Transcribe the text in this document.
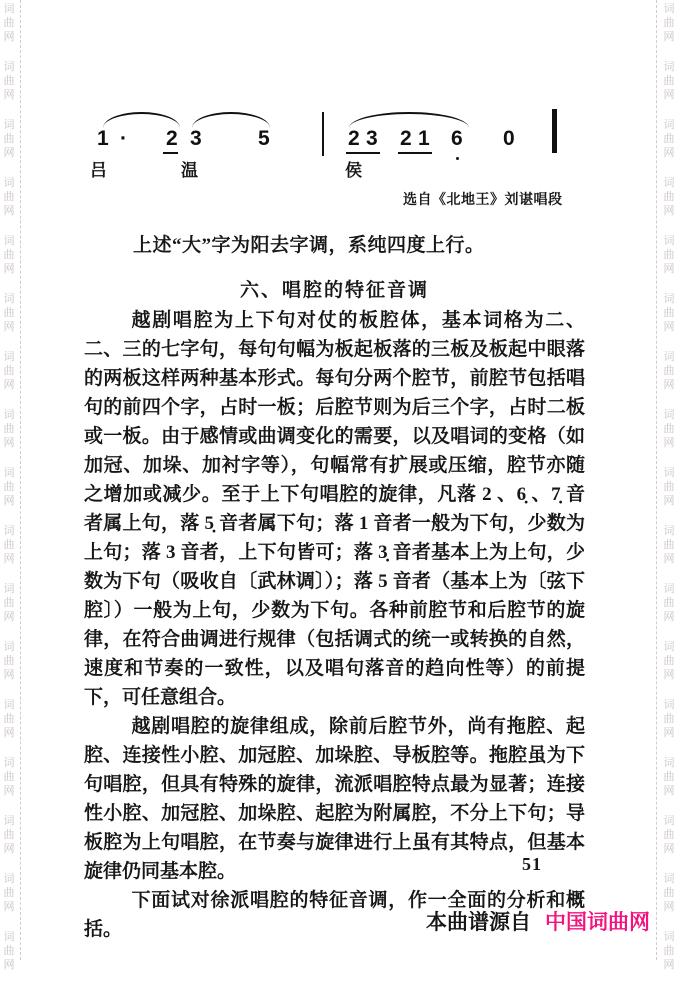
词
曲
网
词
曲
网
词
曲
网
词
曲
网
词
曲
网
词
曲
网
词
曲
网
词
曲
网
词
曲
网
词
曲
网
词
曲
网
词
曲
网
词
曲
网
词
曲
网
词
曲
网
词
曲
网
词
曲
网
词
曲
网
词
曲
网
词
曲
网
词
曲
网
词
曲
网
词
曲
网
词
曲
网
词
曲
网
词
曲
网
词
曲
网
词
曲
网
词
曲
网
词
曲
网
词
曲
网
词
曲
网
词
曲
网
词
曲
网
1 · 2 3	5	2 3 2 1 6 0
吕	温	侯
选自《北地王》刘谌唱段
上述“大”字为阳去字调，系纯四度上行。
六、唱腔的特征音调

越剧唱腔为上下句对仗的板腔体，基本词格为二、二、三的七字句，每句句幅为板起板落的三板及板起中眼落的两板这样两种基本形式。每句分两个腔节，前腔节包括唱句的前四个字，占时一板；后腔节则为后三个字，占时二板或一板。由于感情或曲调变化的需要，以及唱词的变格（如加冠、加垛、加衬字等），句幅常有扩展或压缩，腔节亦随之增加或减少。至于上下句唱腔的旋律，凡落 2 、6̣ 、7̣ 音者属上句，落 5̣ 音者属下句；落 1 音者一般为下句，少数为上句；落 3 音者，上下句皆可；落 3̣ 音者基本上为上句，少数为下句（吸收自〔武林调〕）；落 5 音者（基本上为〔弦下腔〕）一般为上句，少数为下句。各种前腔节和后腔节的旋律，在符合曲调进行规律（包括调式的统一或转换的自然，速度和节奏的一致性，以及唱句落音的趋向性等）的前提下，可任意组合。

越剧唱腔的旋律组成，除前后腔节外，尚有拖腔、起腔、连接性小腔、加冠腔、加垛腔、导板腔等。拖腔虽为下句唱腔，但具有特殊的旋律，流派唱腔特点最为显著；连接性小腔、加冠腔、加垛腔、起腔为附属腔，不分上下句；导板腔为上句唱腔，在节奏与旋律进行上虽有其特点，但基本旋律仍同基本腔。

下面试对徐派唱腔的特征音调，作一全面的分析和概括。

51
本曲谱源自 中国词曲网
